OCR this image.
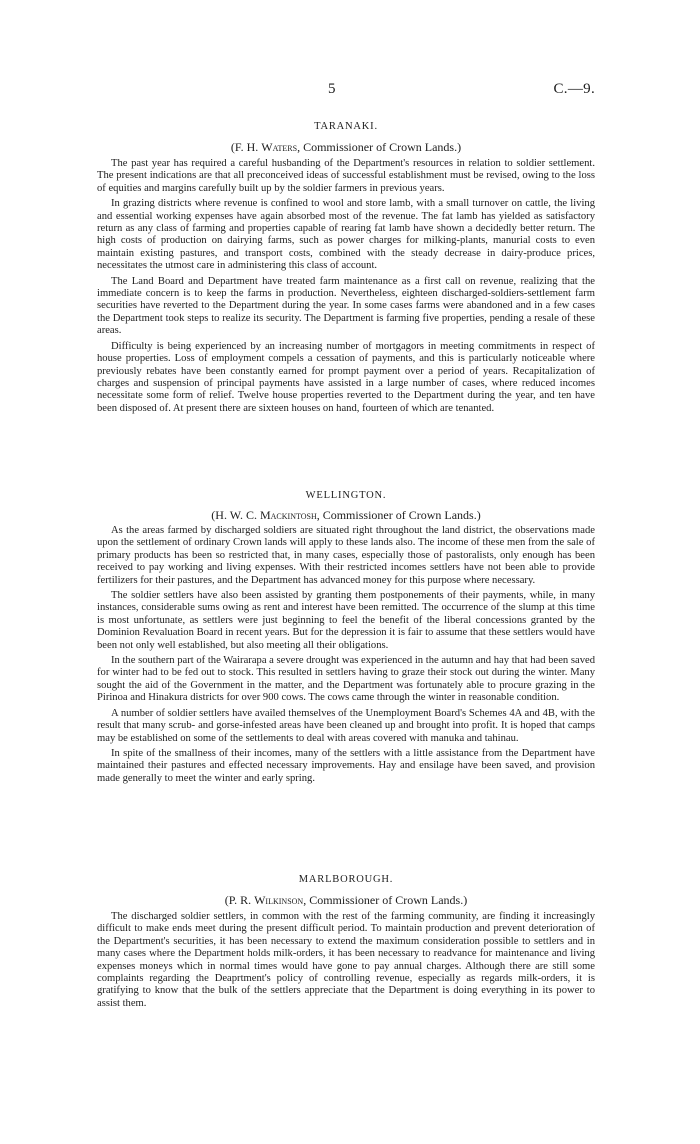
5	C.—9.

TARANAKI.

(F. H. Waters, Commissioner of Crown Lands.)

The past year has required a careful husbanding of the Department's resources in relation to soldier settlement. The present indications are that all preconceived ideas of successful establishment must be revised, owing to the loss of equities and margins carefully built up by the soldier farmers in previous years.

In grazing districts where revenue is confined to wool and store lamb, with a small turnover on cattle, the living and essential working expenses have again absorbed most of the revenue. The fat lamb has yielded as satisfactory return as any class of farming and properties capable of rearing fat lamb have shown a decidedly better return. The high costs of production on dairying farms, such as power charges for milking-plants, manurial costs to even maintain existing pastures, and transport costs, combined with the steady decrease in dairy-produce prices, necessitates the utmost care in administering this class of account.

The Land Board and Department have treated farm maintenance as a first call on revenue, realizing that the immediate concern is to keep the farms in production. Nevertheless, eighteen discharged-soldiers-settlement farm securities have reverted to the Department during the year. In some cases farms were abandoned and in a few cases the Department took steps to realize its security. The Department is farming five properties, pending a resale of these areas.

Difficulty is being experienced by an increasing number of mortgagors in meeting commitments in respect of house properties. Loss of employment compels a cessation of payments, and this is particularly noticeable where previously rebates have been constantly earned for prompt payment over a period of years. Recapitalization of charges and suspension of principal payments have assisted in a large number of cases, where reduced incomes necessitate some form of relief. Twelve house properties reverted to the Department during the year, and ten have been disposed of. At present there are sixteen houses on hand, fourteen of which are tenanted.

WELLINGTON.

(H. W. C. Mackintosh, Commissioner of Crown Lands.)

As the areas farmed by discharged soldiers are situated right throughout the land district, the observations made upon the settlement of ordinary Crown lands will apply to these lands also. The income of these men from the sale of primary products has been so restricted that, in many cases, especially those of pastoralists, only enough has been received to pay working and living expenses. With their restricted incomes settlers have not been able to provide fertilizers for their pastures, and the Department has advanced money for this purpose where necessary.

The soldier settlers have also been assisted by granting them postponements of their payments, while, in many instances, considerable sums owing as rent and interest have been remitted. The occurrence of the slump at this time is most unfortunate, as settlers were just beginning to feel the benefit of the liberal concessions granted by the Dominion Revaluation Board in recent years. But for the depression it is fair to assume that these settlers would have been not only well established, but also meeting all their obligations.

In the southern part of the Wairarapa a severe drought was experienced in the autumn and hay that had been saved for winter had to be fed out to stock. This resulted in settlers having to graze their stock out during the winter. Many sought the aid of the Government in the matter, and the Department was fortunately able to procure grazing in the Pirinoa and Hinakura districts for over 900 cows. The cows came through the winter in reasonable condition.

A number of soldier settlers have availed themselves of the Unemployment Board's Schemes 4A and 4B, with the result that many scrub- and gorse-infested areas have been cleaned up and brought into profit. It is hoped that camps may be established on some of the settlements to deal with areas covered with manuka and tahinau.

In spite of the smallness of their incomes, many of the settlers with a little assistance from the Department have maintained their pastures and effected necessary improvements. Hay and ensilage have been saved, and provision made generally to meet the winter and early spring.

MARLBOROUGH.

(P. R. Wilkinson, Commissioner of Crown Lands.)

The discharged soldier settlers, in common with the rest of the farming community, are finding it increasingly difficult to make ends meet during the present difficult period. To maintain production and prevent deterioration of the Department's securities, it has been necessary to extend the maximum consideration possible to settlers and in many cases where the Department holds milk-orders, it has been necessary to readvance for maintenance and living expenses moneys which in normal times would have gone to pay annual charges. Although there are still some complaints regarding the Deaprtment's policy of controlling revenue, especially as regards milk-orders, it is gratifying to know that the bulk of the settlers appreciate that the Department is doing everything in its power to assist them.
